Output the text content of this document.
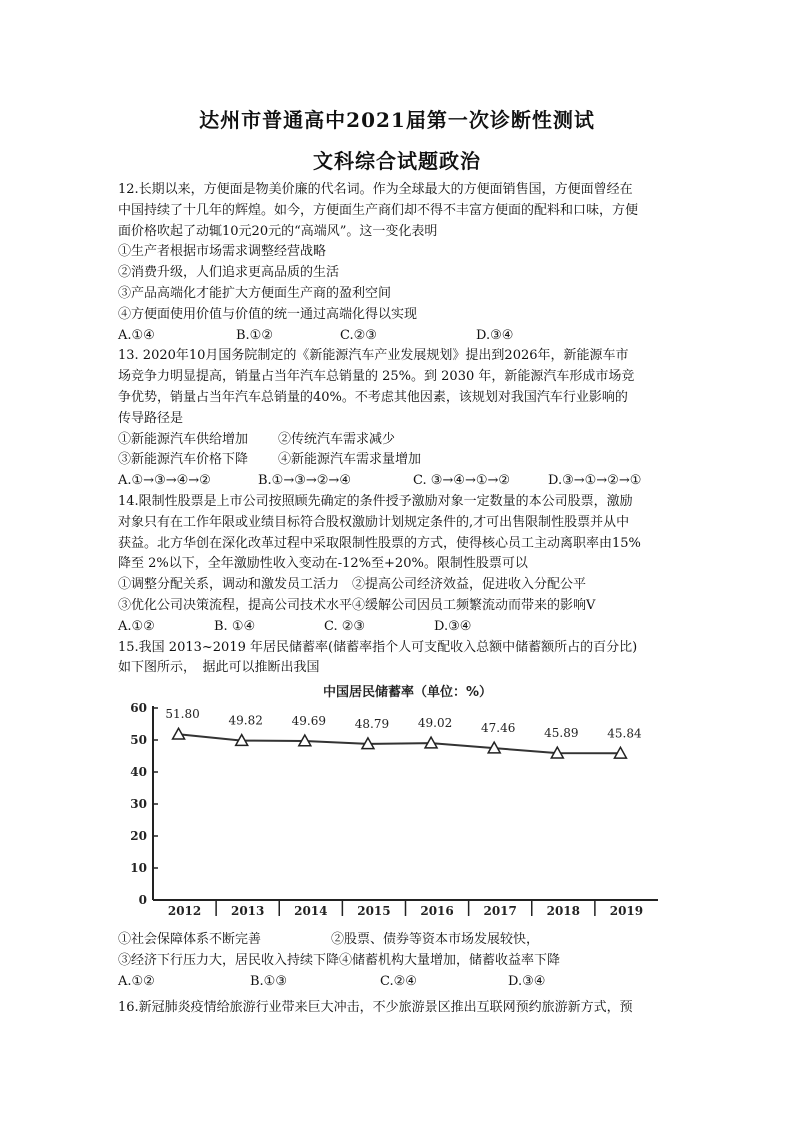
达州市普通高中2021届第一次诊断性测试
文科综合试题政治
12.长期以来，方便面是物美价廉的代名词。作为全球最大的方便面销售国，方便面曾经在
中国持续了十几年的辉煌。如今，方便面生产商们却不得不丰富方便面的配料和口味，方便
面价格吹起了动辄10元20元的“高端风”。这一变化表明
①生产者根据市场需求调整经营战略
②消费升级，人们追求更高品质的生活
③产品高端化才能扩大方便面生产商的盈利空间
④方便面使用价值与价值的统一通过高端化得以实现
A.①④	B.①②	C.②③	D.③④
13. 2020年10月国务院制定的《新能源汽车产业发展规划》提出到2026年，新能源车市
场竞争力明显提高，销量占当年汽车总销量的 25%。到 2030 年，新能源汽车形成市场竞
争优势，销量占当年汽车总销量的40%。不考虑其他因素，该规划对我国汽车行业影响的
传导路径是
①新能源汽车供给增加 ②传统汽车需求减少
③新能源汽车价格下降 ④新能源汽车需求量增加
A.①→③→④→②	B.①→③→②→④	C. ③→④→①→②	D.③→①→②→①
14.限制性股票是上市公司按照顾先确定的条件授予激励对象一定数量的本公司股票，激励
对象只有在工作年限或业绩目标符合股权激励计划规定条件的,才可出售限制性股票并从中
获益。北方华创在深化改革过程中采取限制性股票的方式，使得核心员工主动离职率由15%
降至 2%以下，全年激励性收入变动在-12%至+20%。限制性股票可以
①调整分配关系，调动和激发员工活力　②提高公司经济效益，促进收入分配公平
③优化公司决策流程，提高公司技术水平④缓解公司因员工频繁流动而带来的影响V
A.①②	B. ①④	C. ②③	D.③④
15.我国 2013~2019 年居民储蓄率(储蓄率指个人可支配收入总额中储蓄额所占的百分比)
如下图所示，　据此可以推断出我国
中国居民储蓄率（单位：%）
0
10
20
30
40
50
60
2012 2013 2014 2015 2016 2017 2018 2019
51.80 49.82 49.69 48.79 49.02 47.46 45.89 45.84
①社会保障体系不断完善	②股票、债券等资本市场发展较快，
③经济下行压力大，居民收入持续下降④储蓄机构大量增加，储蓄收益率下降
A.①②	B.①③	C.②④	D.③④
16.新冠肺炎疫情给旅游行业带来巨大冲击，不少旅游景区推出互联网预约旅游新方式，预
